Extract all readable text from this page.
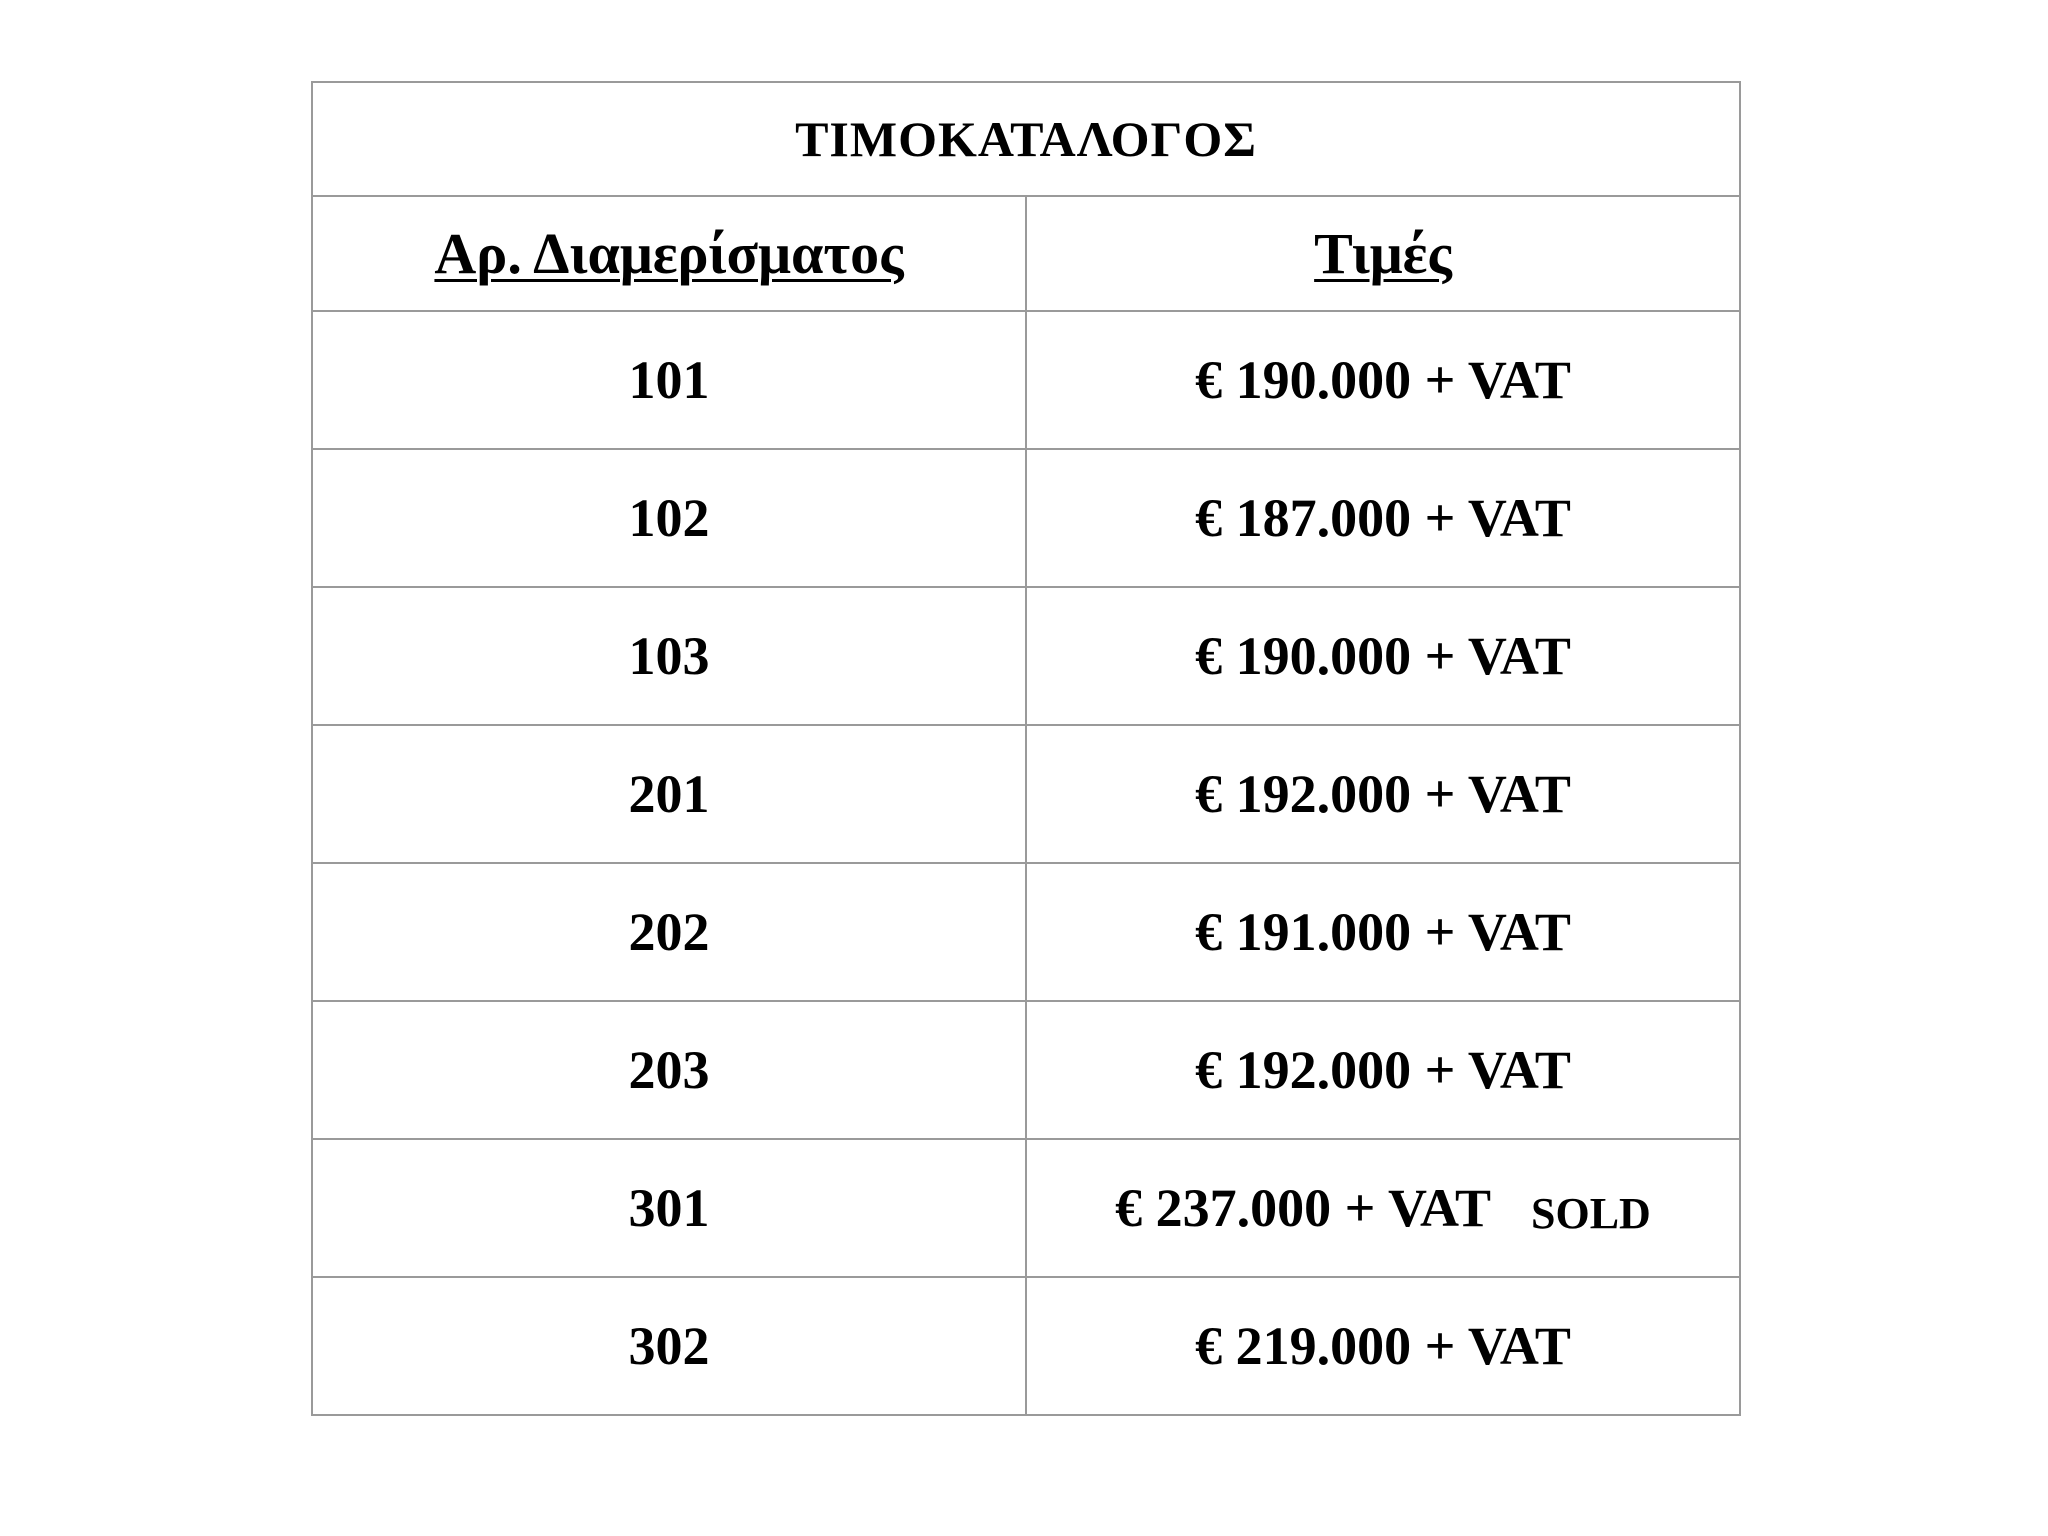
ΤΙΜΟΚΑΤΑΛΟΓΟΣ	
Αρ. Διαμερίσματος	Τιμές
101	€ 190.000 + VAT
102	€ 187.000 + VAT
103	€ 190.000 + VAT
201	€ 192.000 + VAT
202	€ 191.000 + VAT
203	€ 192.000 + VAT
301	€ 237.000 + VAT SOLD
302	€ 219.000 + VAT
